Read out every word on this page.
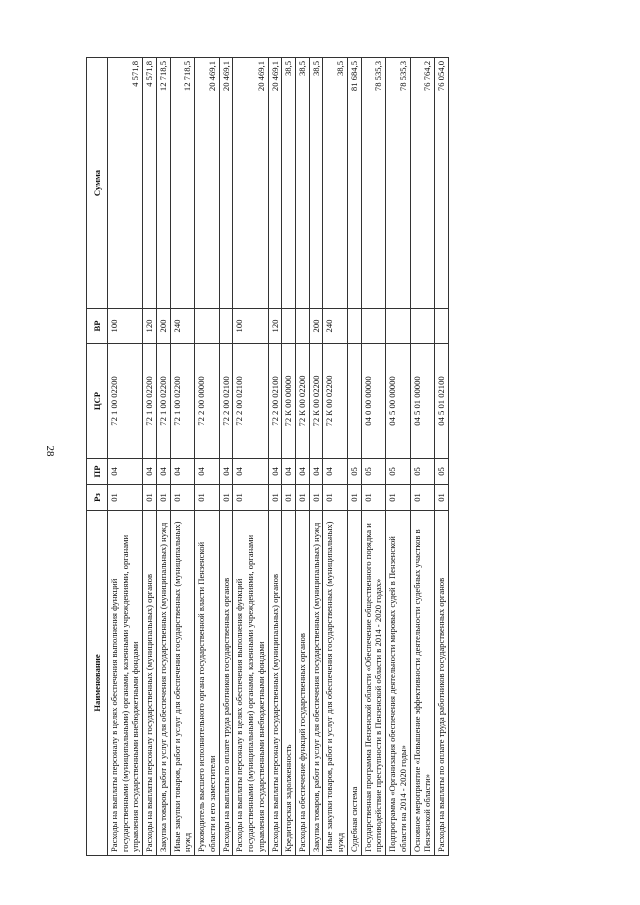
28
Наименование	Рз	ПР	ЦСР	ВР	Сумма
Расходы на выплаты персоналу в целях обеспечения выполнения функций государственными (муниципальными) органами, казенными учреждениями, органами управления государственными внебюджетными фондами	01	04	72 1 00 02200	100	4 571,8
Расходы на выплаты персоналу государственных (муниципальных) органов	01	04	72 1 00 02200	120	4 571,8
Закупка товаров, работ и услуг для обеспечения государственных (муниципальных) нужд	01	04	72 1 00 02200	200	12 718,5
Иные закупки товаров, работ и услуг для обеспечения государственных (муниципальных) нужд	01	04	72 1 00 02200	240	12 718,5
Руководитель высшего исполнительного органа государственной власти Пензенской области и его заместители	01	04	72 2 00 00000		20 469,1
Расходы на выплаты по оплате труда работников государственных органов	01	04	72 2 00 02100		20 469,1
Расходы на выплаты персоналу в целях обеспечения выполнения функций государственными (муниципальными) органами, казенными учреждениями, органами управления государственными внебюджетными фондами	01	04	72 2 00 02100	100	20 469,1
Расходы на выплаты персоналу государственных (муниципальных) органов	01	04	72 2 00 02100	120	20 469,1
Кредиторская задолженность	01	04	72 К 00 00000		38,5
Расходы на обеспечение функций государственных органов	01	04	72 К 00 02200		38,5
Закупка товаров, работ и услуг для обеспечения государственных (муниципальных) нужд	01	04	72 К 00 02200	200	38,5
Иные закупки товаров, работ и услуг для обеспечения государственных (муниципальных) нужд	01	04	72 К 00 02200	240	38,5
Судебная система	01	05			81 684,5
Государственная программа Пензенской области «Обеспечение общественного порядка и противодействие преступности в Пензенской области в 2014 - 2020 годах»	01	05	04 0 00 00000		78 535,3
Подпрограмма «Организация обеспечения деятельности мировых судей в Пензенской области на 2014 - 2020 годы»	01	05	04 5 00 00000		78 535,3
Основное мероприятие «Повышение эффективности деятельности судебных участков в Пензенской области»	01	05	04 5 01 00000		76 764,2
Расходы на выплаты по оплате труда работников государственных органов	01	05	04 5 01 02100		76 054,0
